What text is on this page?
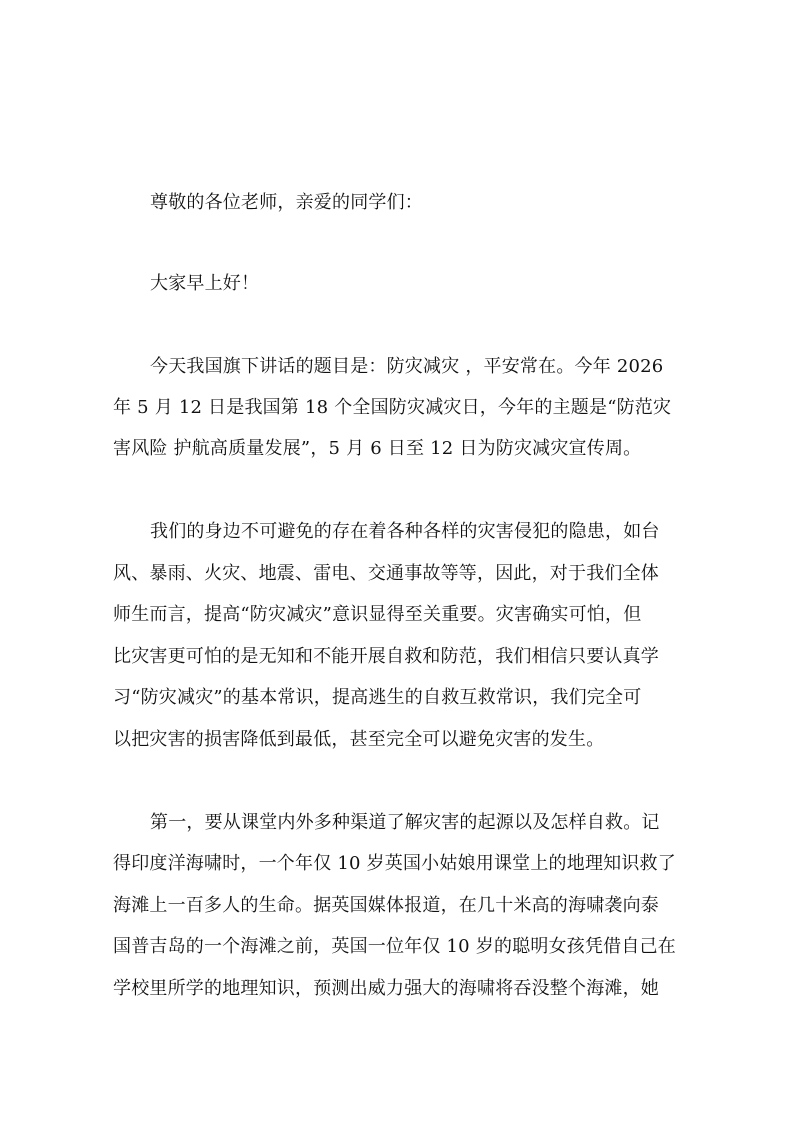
尊敬的各位老师，亲爱的同学们：
大家早上好！
今天我国旗下讲话的题目是：防灾减灾 ，平安常在。今年 2026
年 5 月 12 日是我国第 18 个全国防灾减灾日，今年的主题是“防范灾
害风险 护航高质量发展”，5 月 6 日至 12 日为防灾减灾宣传周。
我们的身边不可避免的存在着各种各样的灾害侵犯的隐患，如台
风、暴雨、火灾、地震、雷电、交通事故等等，因此，对于我们全体
师生而言，提高“防灾减灾”意识显得至关重要。灾害确实可怕，但
比灾害更可怕的是无知和不能开展自救和防范，我们相信只要认真学
习“防灾减灾”的基本常识，提高逃生的自救互救常识，我们完全可
以把灾害的损害降低到最低，甚至完全可以避免灾害的发生。
第一，要从课堂内外多种渠道了解灾害的起源以及怎样自救。记
得印度洋海啸时，一个年仅 10 岁英国小姑娘用课堂上的地理知识救了
海滩上一百多人的生命。据英国媒体报道，在几十米高的海啸袭向泰
国普吉岛的一个海滩之前，英国一位年仅 10 岁的聪明女孩凭借自己在
学校里所学的地理知识，预测出威力强大的海啸将吞没整个海滩，她
